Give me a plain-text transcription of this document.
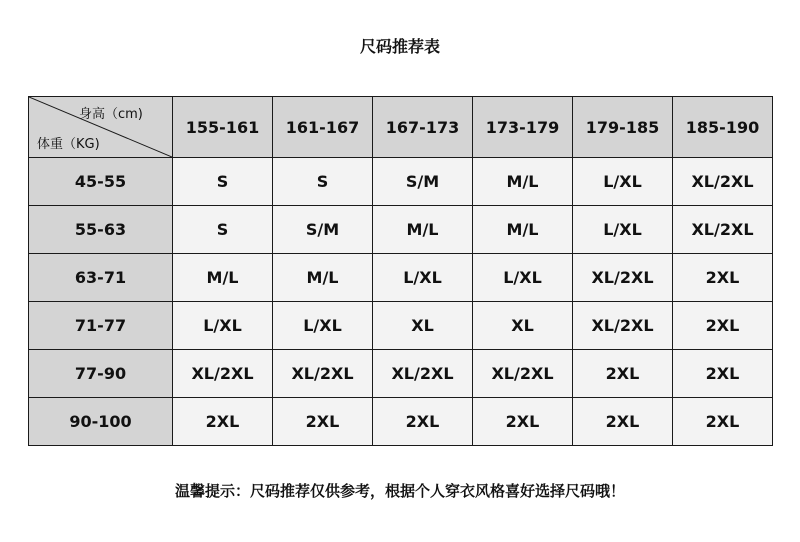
尺码推荐表
身高（cm)
体重（KG)	155-161	161-167	167-173	173-179	179-185	185-190
45-55	S	S	S/M	M/L	L/XL	XL/2XL
55-63	S	S/M	M/L	M/L	L/XL	XL/2XL
63-71	M/L	M/L	L/XL	L/XL	XL/2XL	2XL
71-77	L/XL	L/XL	XL	XL	XL/2XL	2XL
77-90	XL/2XL	XL/2XL	XL/2XL	XL/2XL	2XL	2XL
90-100	2XL	2XL	2XL	2XL	2XL	2XL
温馨提示：尺码推荐仅供参考，根据个人穿衣风格喜好选择尺码哦！
